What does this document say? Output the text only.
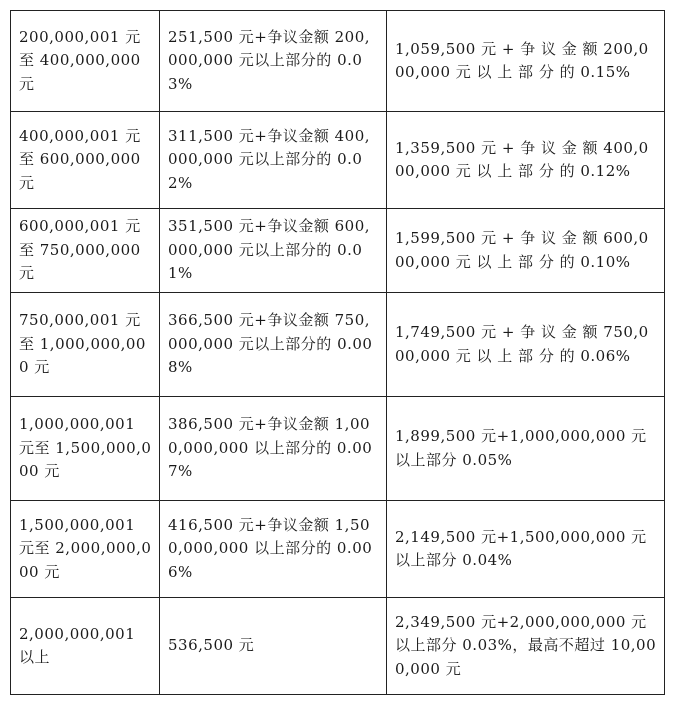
200,000,001 元至 400,000,000元	251,500 元+争议金额 200,000,000 元以上部分的 0.03%	1,059,500 元 + 争 议 金 额 200,000,000 元 以 上 部 分 的 0.15%
400,000,001 元至 600,000,000元	311,500 元+争议金额 400,000,000 元以上部分的 0.02%	1,359,500 元 + 争 议 金 额 400,000,000 元 以 上 部 分 的 0.12%
600,000,001 元至 750,000,000元	351,500 元+争议金额 600,000,000 元以上部分的 0.01%	1,599,500 元 + 争 议 金 额 600,000,000 元 以 上 部 分 的 0.10%
750,000,001 元至 1,000,000,000 元	366,500 元+争议金额 750,000,000 元以上部分的 0.008%	1,749,500 元 + 争 议 金 额 750,000,000 元 以 上 部 分 的 0.06%
1,000,000,001 元至 1,500,000,000 元	386,500 元+争议金额 1,000,000,000 以上部分的 0.007%	1,899,500 元+1,000,000,000 元以上部分 0.05%
1,500,000,001 元至 2,000,000,000 元	416,500 元+争议金额 1,500,000,000 以上部分的 0.006%	2,149,500 元+1,500,000,000 元以上部分 0.04%
2,000,000,001 以上	536,500 元	2,349,500 元+2,000,000,000 元以上部分 0.03%，最高不超过 10,000,000 元
